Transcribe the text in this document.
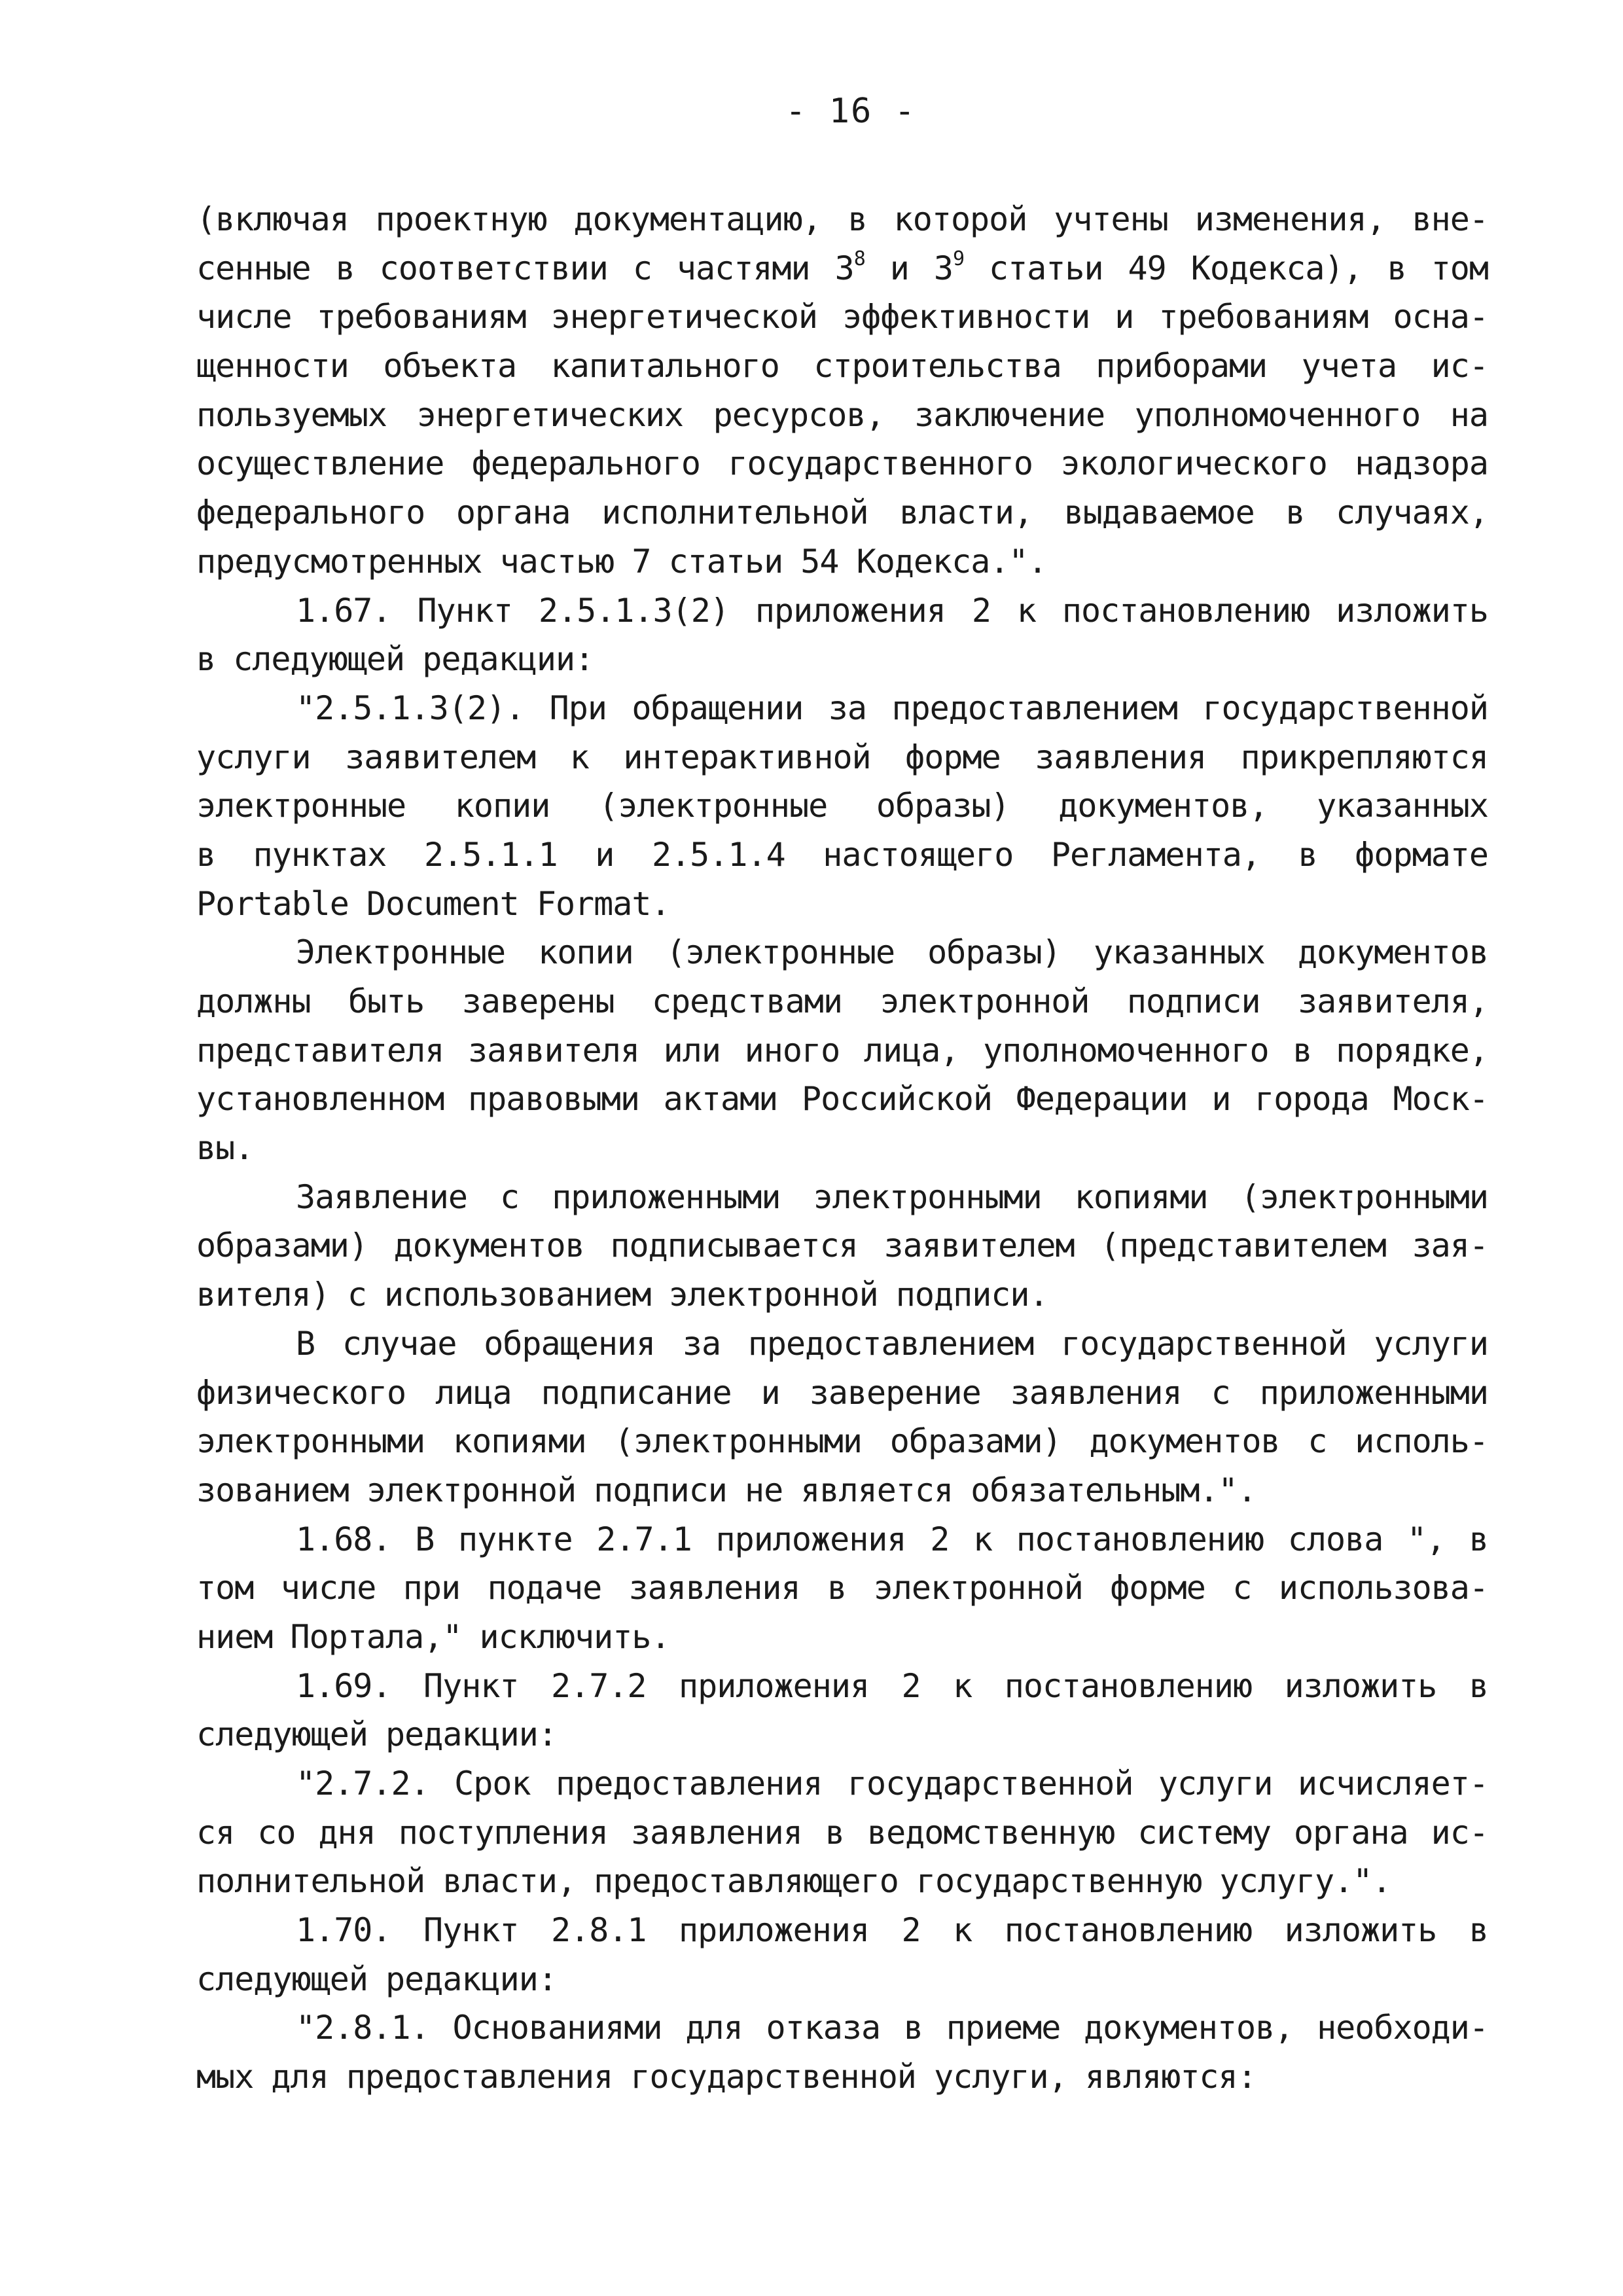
- 16 -
(включая проектную документацию, в которой учтены изменения, вне-
сенные в соответствии с частями $3^8$ и $3^9$ статьи 49 Кодекса), в том
числе требованиям энергетической эффективности и требованиям осна-
щенности объекта капитального строительства приборами учета ис-
пользуемых энергетических ресурсов, заключение уполномоченного на
осуществление федерального государственного экологического надзора
федерального органа исполнительной власти, выдаваемое в случаях,
предусмотренных частью 7 статьи 54 Кодекса.".
1.67. Пункт 2.5.1.3(2) приложения 2 к постановлению изложить
в следующей редакции:
"2.5.1.3(2). При обращении за предоставлением государственной
услуги заявителем к интерактивной форме заявления прикрепляются
электронные копии (электронные образы) документов, указанных
в пунктах 2.5.1.1 и 2.5.1.4 настоящего Регламента, в формате
Portable Document Format.
Электронные копии (электронные образы) указанных документов
должны быть заверены средствами электронной подписи заявителя,
представителя заявителя или иного лица, уполномоченного в порядке,
установленном правовыми актами Российской Федерации и города Моск-
вы.
Заявление с приложенными электронными копиями (электронными
образами) документов подписывается заявителем (представителем зая-
вителя) с использованием электронной подписи.
В случае обращения за предоставлением государственной услуги
физического лица подписание и заверение заявления с приложенными
электронными копиями (электронными образами) документов с исполь-
зованием электронной подписи не является обязательным.".
1.68. В пункте 2.7.1 приложения 2 к постановлению слова ", в
том числе при подаче заявления в электронной форме с использова-
нием Портала," исключить.
1.69. Пункт 2.7.2 приложения 2 к постановлению изложить в
следующей редакции:
"2.7.2. Срок предоставления государственной услуги исчисляет-
ся со дня поступления заявления в ведомственную систему органа ис-
полнительной власти, предоставляющего государственную услугу.".
1.70. Пункт 2.8.1 приложения 2 к постановлению изложить в
следующей редакции:
"2.8.1. Основаниями для отказа в приеме документов, необходи-
мых для предоставления государственной услуги, являются:
